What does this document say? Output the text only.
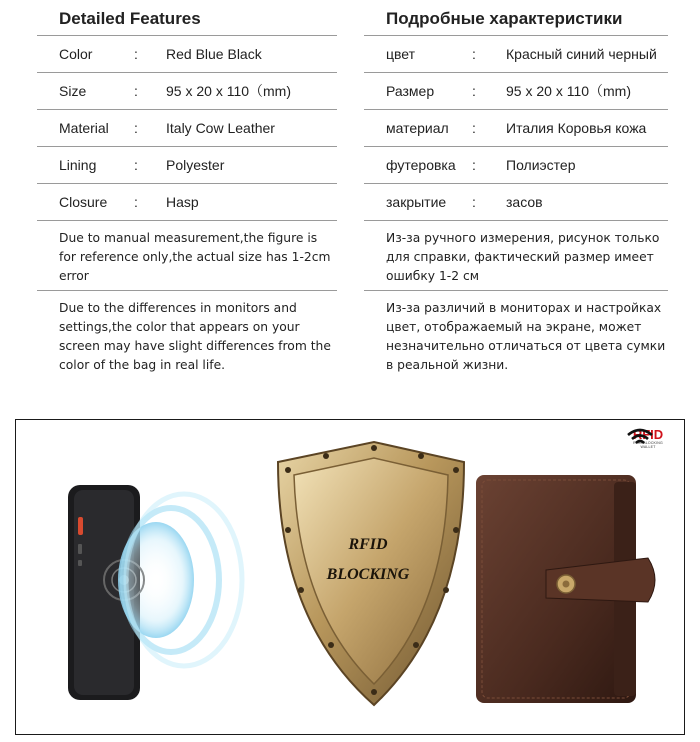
Detailed Features
Color	:	Red Blue Black
Size	:	95 x 20 x 110（mm)
Material	:	Italy Cow Leather
Lining	:	Polyester
Closure	:	Hasp
Due to manual measurement,the figure is for reference only,the actual size has 1-2cm error
Due to the differences in monitors and settings,the color that appears on your screen may have slight differences from the color of the bag in real life.
Подробные характеристики
цвет	:	Красный синий черный
Размер	:	95 x 20 x 110（mm)
материал	:	Италия Коровья кожа
футеровка	:	Полиэстер
закрытие	:	засов
Из-за ручного измерения, рисунок только для справки, фактический размер имеет ошибку 1-2 см
Из-за различий в мониторах и настройках цвет, отображаемый на экране, может незначительно отличаться от цвета сумки в реальной жизни.
RFID
BLOCKING
RFID
RFID BLOCKING WALLET
